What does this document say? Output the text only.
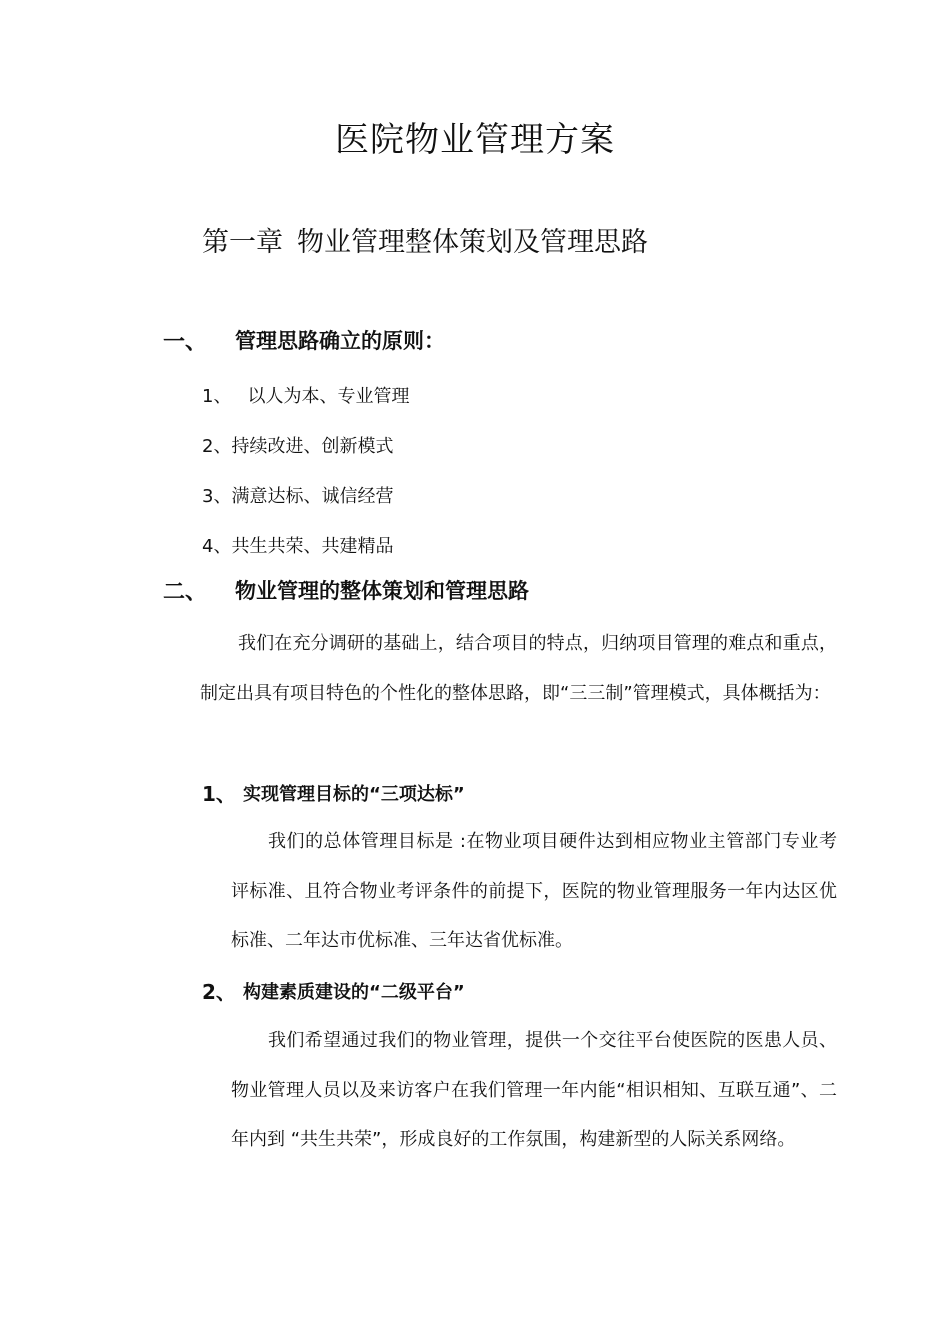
医院物业管理方案
第一章 物业管理整体策划及管理思路
一、 管理思路确立的原则：
1、 以人为本、专业管理
2、持续改进、创新模式
3、满意达标、诚信经营
4、共生共荣、共建精品
二、 物业管理的整体策划和管理思路
我们在充分调研的基础上，结合项目的特点，归纳项目管理的难点和重点，制定出具有项目特色的个性化的整体思路，即“三三制”管理模式，具体概括为：
1、 实现管理目标的“三项达标”
我们的总体管理目标是 :在物业项目硬件达到相应物业主管部门专业考评标准、且符合物业考评条件的前提下，医院的物业管理服务一年内达区优标准、二年达市优标准、三年达省优标准。
2、 构建素质建设的“二级平台”
我们希望通过我们的物业管理，提供一个交往平台使医院的医患人员、物业管理人员以及来访客户在我们管理一年内能“相识相知、互联互通”、二年内到 “共生共荣”，形成良好的工作氛围，构建新型的人际关系网络。
